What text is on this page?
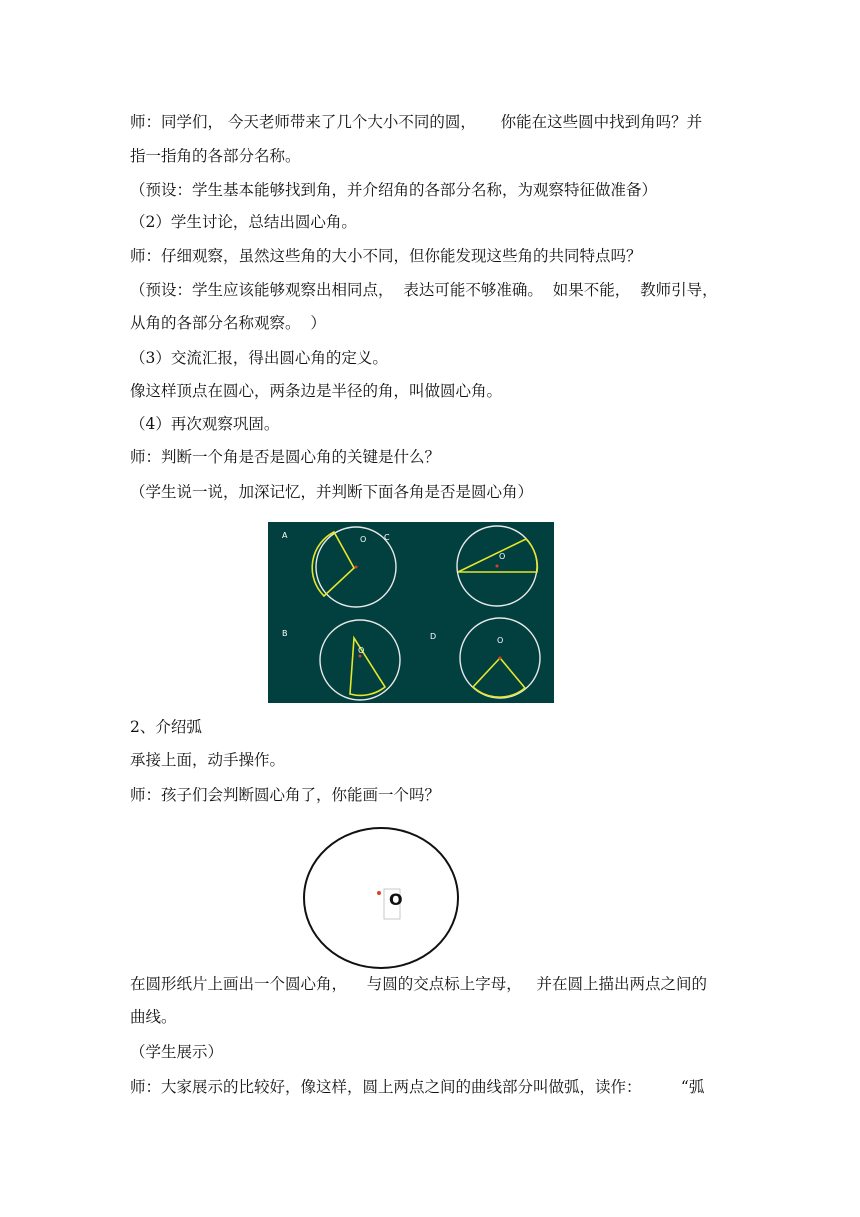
师：同学们， 今天老师带来了几个大小不同的圆，     你能在这些圆中找到角吗？并
指一指角的各部分名称。
（预设：学生基本能够找到角，并介绍角的各部分名称，为观察特征做准备）
（2）学生讨论，总结出圆心角。
师：仔细观察，虽然这些角的大小不同，但你能发现这些角的共同特点吗？
（预设：学生应该能够观察出相同点，  表达可能不够准确。  如果不能，  教师引导，
从角的各部分名称观察。  ）
（3）交流汇报，得出圆心角的定义。
像这样顶点在圆心，两条边是半径的角，叫做圆心角。
（4）再次观察巩固。
师：判断一个角是否是圆心角的关键是什么？
（学生说一说，加深记忆，并判断下面各角是否是圆心角）
A	C
B	D
O
O
O
O
2、介绍弧
承接上面，动手操作。
师：孩子们会判断圆心角了，你能画一个吗？
O
在圆形纸片上画出一个圆心角，    与圆的交点标上字母，   并在圆上描出两点之间的
曲线。
（学生展示）
师：大家展示的比较好，像这样，圆上两点之间的曲线部分叫做弧，读作：        “弧
